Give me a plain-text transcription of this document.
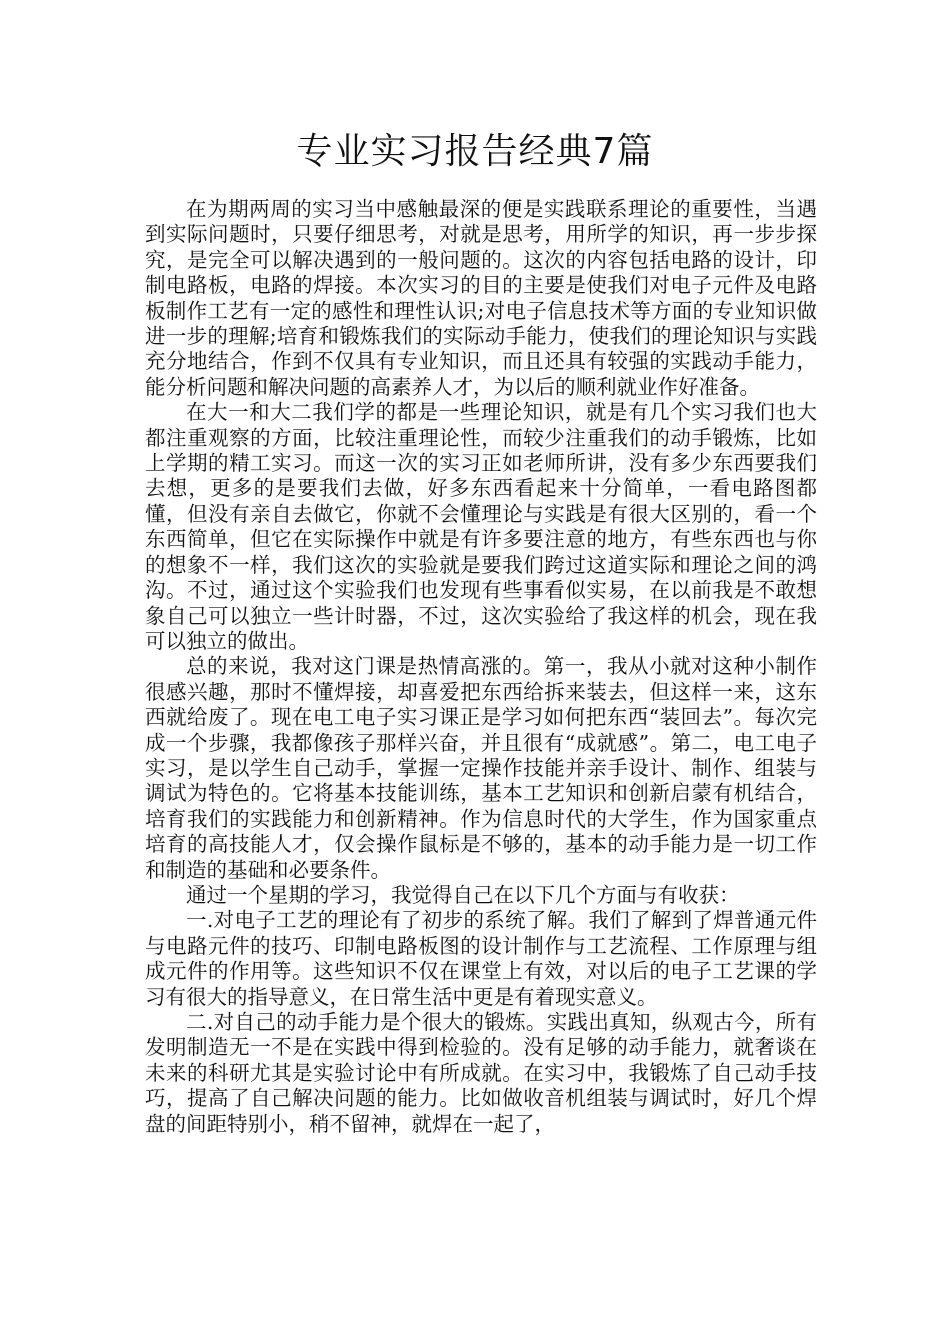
专业实习报告经典7篇

在为期两周的实习当中感触最深的便是实践联系理论的重要性，当遇到实际问题时，只要仔细思考，对就是思考，用所学的知识，再一步步探究，是完全可以解决遇到的一般问题的。这次的内容包括电路的设计，印制电路板，电路的焊接。本次实习的目的主要是使我们对电子元件及电路板制作工艺有一定的感性和理性认识;对电子信息技术等方面的专业知识做进一步的理解;培育和锻炼我们的实际动手能力，使我们的理论知识与实践充分地结合，作到不仅具有专业知识，而且还具有较强的实践动手能力，能分析问题和解决问题的高素养人才，为以后的顺利就业作好准备。

在大一和大二我们学的都是一些理论知识，就是有几个实习我们也大都注重观察的方面，比较注重理论性，而较少注重我们的动手锻炼，比如上学期的精工实习。而这一次的实习正如老师所讲，没有多少东西要我们去想，更多的是要我们去做，好多东西看起来十分简单，一看电路图都懂，但没有亲自去做它，你就不会懂理论与实践是有很大区别的，看一个东西简单，但它在实际操作中就是有许多要注意的地方，有些东西也与你的想象不一样，我们这次的实验就是要我们跨过这道实际和理论之间的鸿沟。不过，通过这个实验我们也发现有些事看似实易，在以前我是不敢想象自己可以独立一些计时器，不过，这次实验给了我这样的机会，现在我可以独立的做出。

总的来说，我对这门课是热情高涨的。第一，我从小就对这种小制作很感兴趣，那时不懂焊接，却喜爱把东西给拆来装去，但这样一来，这东西就给废了。现在电工电子实习课正是学习如何把东西“装回去”。每次完成一个步骤，我都像孩子那样兴奋，并且很有“成就感”。第二，电工电子实习，是以学生自己动手，掌握一定操作技能并亲手设计、制作、组装与调试为特色的。它将基本技能训练，基本工艺知识和创新启蒙有机结合，培育我们的实践能力和创新精神。作为信息时代的大学生，作为国家重点培育的高技能人才，仅会操作鼠标是不够的，基本的动手能力是一切工作和制造的基础和必要条件。

通过一个星期的学习，我觉得自己在以下几个方面与有收获：

一.对电子工艺的理论有了初步的系统了解。我们了解到了焊普通元件与电路元件的技巧、印制电路板图的设计制作与工艺流程、工作原理与组成元件的作用等。这些知识不仅在课堂上有效，对以后的电子工艺课的学习有很大的指导意义，在日常生活中更是有着现实意义。

二.对自己的动手能力是个很大的锻炼。实践出真知，纵观古今，所有发明制造无一不是在实践中得到检验的。没有足够的动手能力，就奢谈在未来的科研尤其是实验讨论中有所成就。在实习中，我锻炼了自己动手技巧，提高了自己解决问题的能力。比如做收音机组装与调试时，好几个焊盘的间距特别小，稍不留神，就焊在一起了，
